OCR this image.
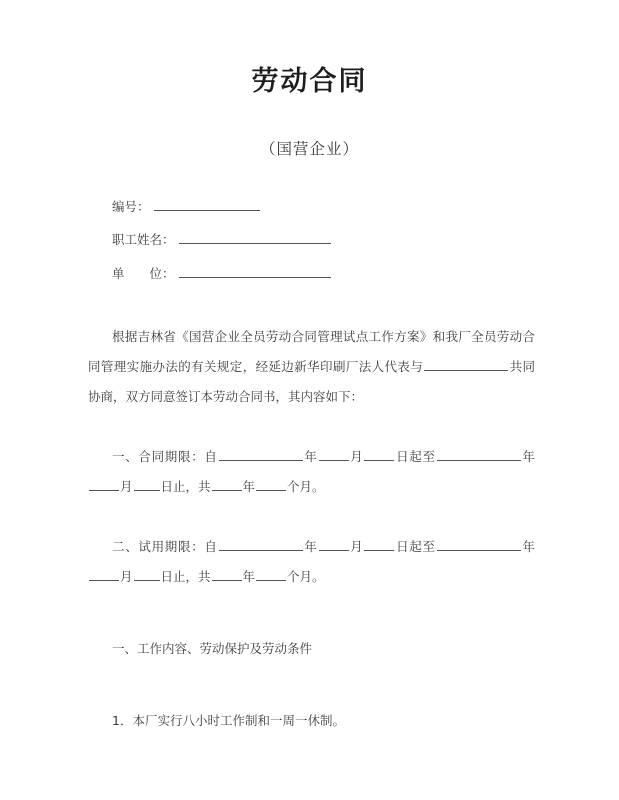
劳动合同
（国营企业）
编号：
职工姓名：
单　　位：

根据吉林省《国营企业全员劳动合同管理试点工作方案》和我厂全员劳动合同管理实施办法的有关规定，经延边新华印刷厂法人代表与	共同协商，双方同意签订本劳动合同书，其内容如下：

一、合同期限：自	年	月	日起至	年月 日止，共	年	个月。

二、试用期限：自	年	月	日起至	年月 日止，共	年	个月。

一、工作内容、劳动保护及劳动条件

1．本厂实行八小时工作制和一周一休制。
